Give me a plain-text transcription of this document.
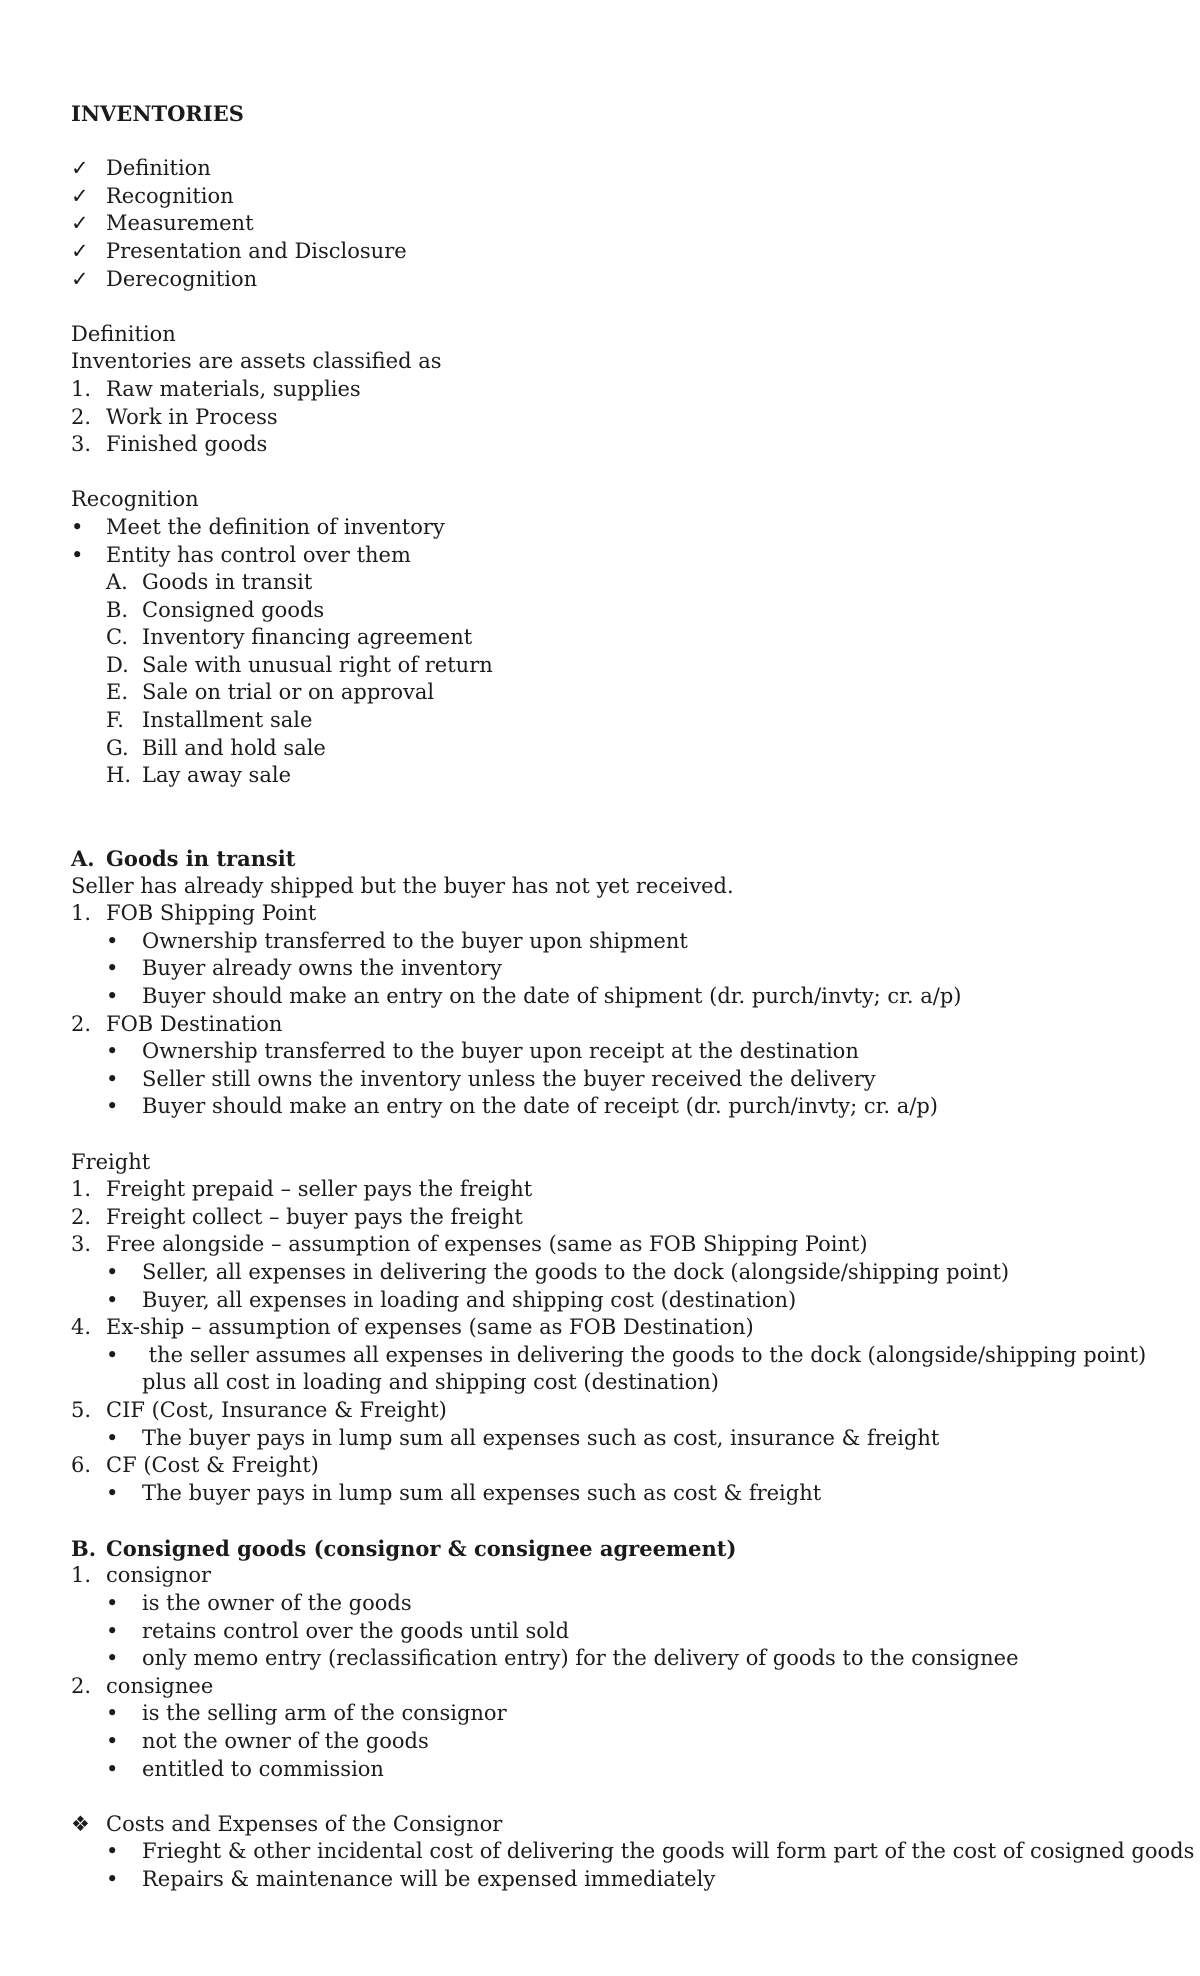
INVENTORIES
✓ Definition
✓ Recognition
✓ Measurement
✓ Presentation and Disclosure
✓ Derecognition
Definition
Inventories are assets classified as
1. Raw materials, supplies
2. Work in Process
3. Finished goods
Recognition
•
Meet the definition of inventory
•
Entity has control over them
A. Goods in transit
B. Consigned goods
C. Inventory financing agreement
D. Sale with unusual right of return
E. Sale on trial or on approval
F. Installment sale
G. Bill and hold sale
H. Lay away sale
A. Goods in transit
Seller has already shipped but the buyer has not yet received.
1. FOB Shipping Point
•
Ownership transferred to the buyer upon shipment
•
Buyer already owns the inventory
•
Buyer should make an entry on the date of shipment (dr. purch/invty; cr. a/p)
2. FOB Destination
•
Ownership transferred to the buyer upon receipt at the destination
•
Seller still owns the inventory unless the buyer received the delivery
•
Buyer should make an entry on the date of receipt (dr. purch/invty; cr. a/p)
Freight
1. Freight prepaid – seller pays the freight
2. Freight collect – buyer pays the freight
3. Free alongside – assumption of expenses (same as FOB Shipping Point)
•
Seller, all expenses in delivering the goods to the dock (alongside/shipping point)
•
Buyer, all expenses in loading and shipping cost (destination)
4. Ex-ship – assumption of expenses (same as FOB Destination)
•
the seller assumes all expenses in delivering the goods to the dock (alongside/shipping point)
plus all cost in loading and shipping cost (destination)
5. CIF (Cost, Insurance & Freight)
•
The buyer pays in lump sum all expenses such as cost, insurance & freight
6. CF (Cost & Freight)
•
The buyer pays in lump sum all expenses such as cost & freight
B. Consigned goods (consignor & consignee agreement)
1. consignor
•
is the owner of the goods
•
retains control over the goods until sold
•
only memo entry (reclassification entry) for the delivery of goods to the consignee
2. consignee
•
is the selling arm of the consignor
•
not the owner of the goods
•
entitled to commission
❖ Costs and Expenses of the Consignor
•
Frieght & other incidental cost of delivering the goods will form part of the cost of cosigned goods
•
Repairs & maintenance will be expensed immediately
